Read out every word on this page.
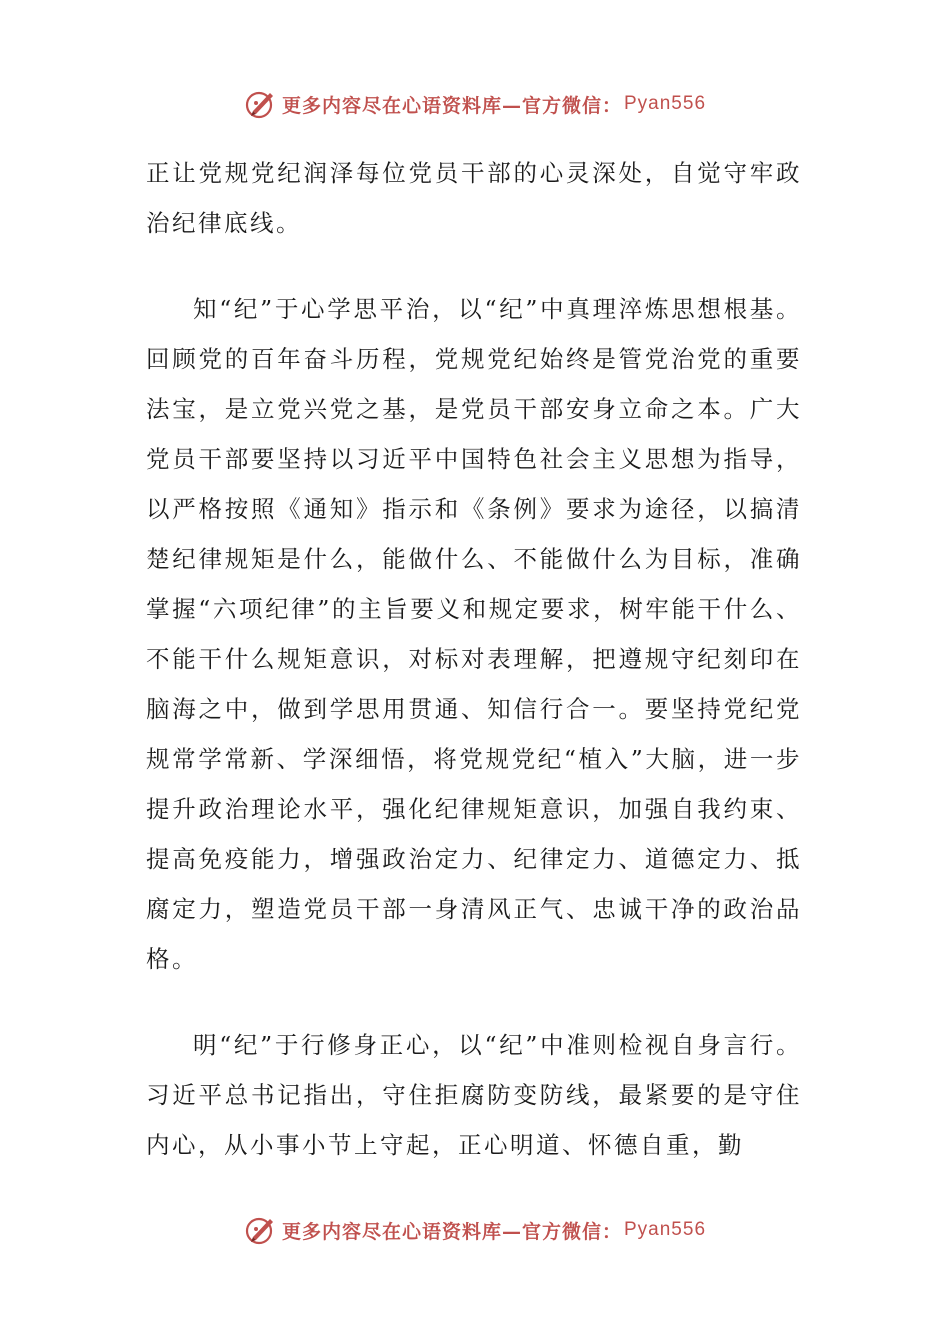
更多内容尽在心语资料库 —官方微信： Pyan556

正让党规党纪润泽每位党员干部的心灵深处，自觉守牢政治纪律底线。

知“纪”于心学思平治，以“纪”中真理淬炼思想根基。回顾党的百年奋斗历程，党规党纪始终是管党治党的重要法宝，是立党兴党之基，是党员干部安身立命之本。广大党员干部要坚持以习近平中国特色社会主义思想为指导，以严格按照《通知》指示和《条例》要求为途径，以搞清楚纪律规矩是什么，能做什么、不能做什么为目标，准确掌握“六项纪律”的主旨要义和规定要求，树牢能干什么、不能干什么规矩意识，对标对表理解，把遵规守纪刻印在脑海之中，做到学思用贯通、知信行合一。要坚持党纪党规常学常新、学深细悟，将党规党纪“植入”大脑，进一步提升政治理论水平，强化纪律规矩意识，加强自我约束、提高免疫能力，增强政治定力、纪律定力、道德定力、抵腐定力，塑造党员干部一身清风正气、忠诚干净的政治品格。

明“纪”于行修身正心，以“纪”中准则检视自身言行。习近平总书记指出，守住拒腐防变防线，最紧要的是守住内心，从小事小节上守起，正心明道、怀德自重，勤

更多内容尽在心语资料库 —官方微信： Pyan556
